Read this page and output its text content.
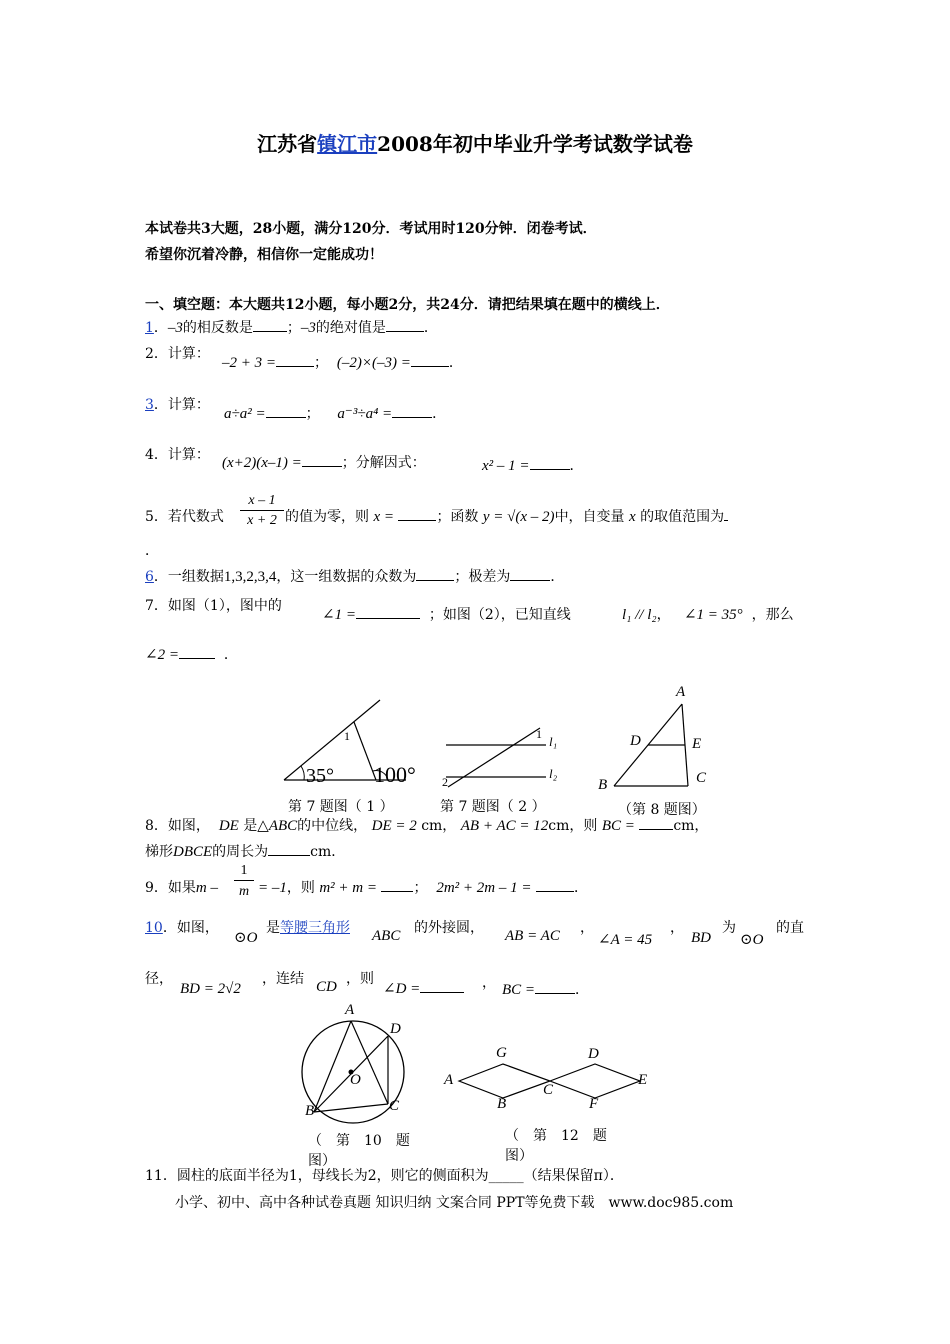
江苏省镇江市2008年初中毕业升学考试数学试卷
本试卷共3大题，28小题，满分120分．考试用时120分钟．闭卷考试．
希望你沉着冷静，相信你一定能成功！
一、填空题：本大题共12小题，每小题2分，共24分．请把结果填在题中的横线上．
1．–3的相反数是 ；–3的绝对值是	．
2．计算：
–2 + 3 =	； (–2)×(–3) =	．
3．计算：
a÷a² =	； a⁻³÷a⁴ =	．
4．计算： (x+2)(x–1) =	；分解因式：	x² – 1 =	．
5．若代数式
x – 1
x + 2 的值为零，则 x =	；函数 y = √(x – 2)中，自变量 x 的取值范围为
．
6．一组数据1,3,2,3,4，这一组数据的众数为	；极差为	．
7．如图（1），图中的
∠1 =	；如图（2），已知直线	l₁ // l₂， ∠1 = 35° ，那么
∠2 =	．
1
35° 100°
第 7 题图（ 1 ）
1 l₁
2
l₂
第 7 题图（ 2 ）
A
D	E
B	C
（第 8 题图）
8．如图， DE 是△ABC的中位线， DE = 2 cm， AB + AC = 12cm，则 BC =	cm，
梯形DBCE的周长为	cm．
9．如果m –
1
m = –1，则 m² + m =	； 2m² + 2m – 1 =	．
10．如图，
⊙O
是等腰三角形 ABC 的外接圆， AB = AC ，
∠A = 45
，
BD
为
⊙O
的直
径，
BD = 2√2
，连结 CD ，则
∠D =	， BC =	．
A
D
O
B	C
（　第　10　题
图）
G	D
A	E
C
B	F
（　第　12　题
图）
11．圆柱的底面半径为1，母线长为2，则它的侧面积为_____（结果保留π）．
小学、初中、高中各种试卷真题 知识归纳 文案合同 PPT等免费下载　www.doc985.com
